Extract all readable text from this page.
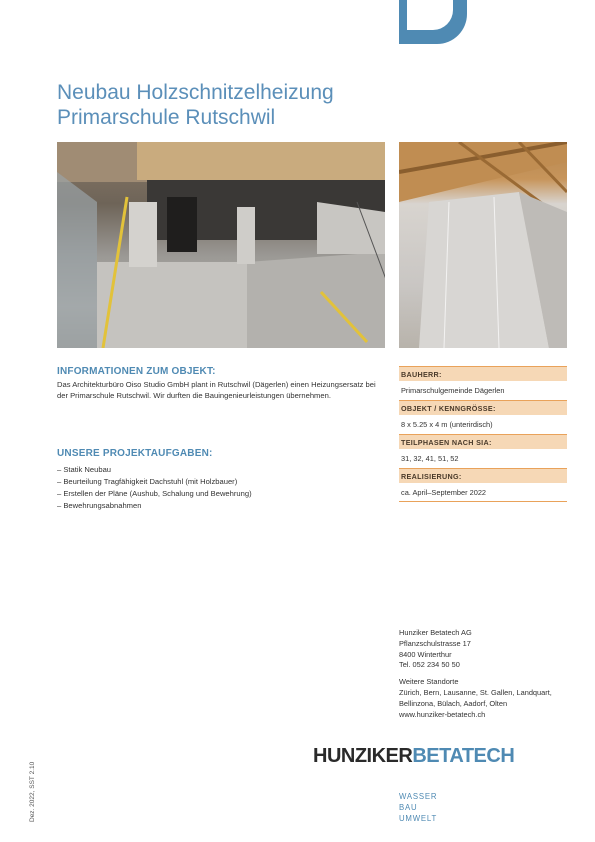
Neubau Holzschnitzelheizung
Primarschule Rutschwil
INFORMATIONEN ZUM OBJEKT:

Das Architekturbüro Oiso Studio GmbH plant in Rutschwil (Dägerlen) einen Heizungsersatz bei der Primarschule Rutschwil. Wir durften die Bauingenieurleistungen übernehmen.

UNSERE PROJEKTAUFGABEN:
– Statik Neubau
– Beurteilung Tragfähigkeit Dachstuhl (mit Holzbauer)
– Erstellen der Pläne (Aushub, Schalung und Bewehrung)
– Bewehrungsabnahmen
BAUHERR:
Primarschulgemeinde Dägerlen
OBJEKT / KENNGRÖSSE:
8 x 5.25 x 4 m (unterirdisch)
TEILPHASEN NACH SIA:
31, 32, 41, 51, 52
REALISIERUNG:
ca. April–September 2022
Hunziker Betatech AG
Pflanzschulstrasse 17
8400 Winterthur
Tel. 052 234 50 50
Weitere Standorte
Zürich, Bern, Lausanne, St. Gallen, Landquart,
Bellinzona, Bülach, Aadorf, Olten
www.hunziker-betatech.ch
HUNZIKERBETATECH
WASSER
BAU
UMWELT
Dez. 2022, SST 2.10
